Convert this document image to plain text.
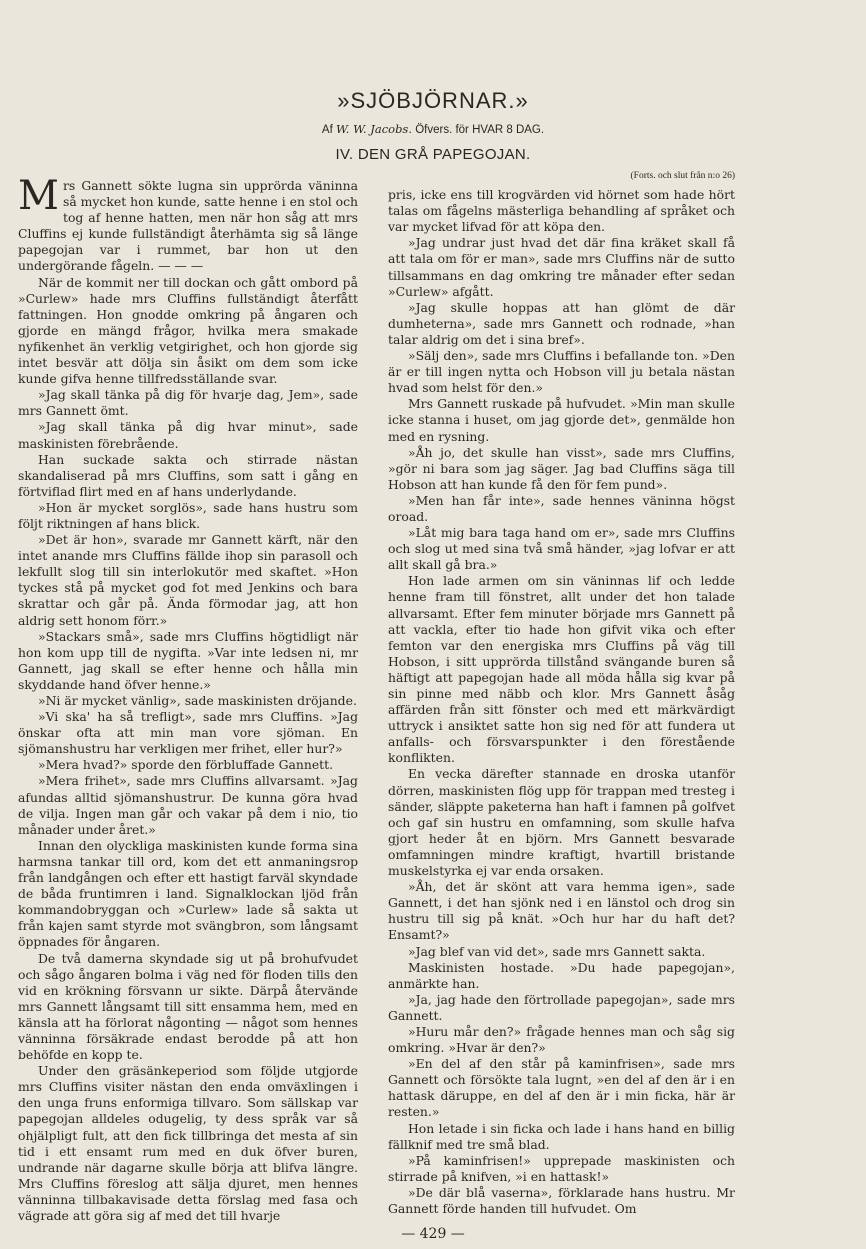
»SJÖBJÖRNAR.»
Af W. W. Jacobs. Öfvers. för HVAR 8 DAG.
IV. DEN GRÅ PAPEGOJAN.

Mrs Gannett sökte lugna sin upprörda väninna så mycket hon kunde, satte henne i en stol och tog af henne hatten, men när hon såg att mrs Cluffins ej kunde fullständigt återhämta sig så länge papegojan var i rummet, bar hon ut den undergörande fågeln. — — —

När de kommit ner till dockan och gått ombord på »Curlew» hade mrs Cluffins fullständigt återfått fattningen. Hon gnodde omkring på ångaren och gjorde en mängd frågor, hvilka mera smakade nyfikenhet än verklig vetgirighet, och hon gjorde sig intet besvär att dölja sin åsikt om dem som icke kunde gifva henne tillfredsställande svar.

»Jag skall tänka på dig för hvarje dag, Jem», sade mrs Gannett ömt.

»Jag skall tänka på dig hvar minut», sade maskinisten förebrående.

Han suckade sakta och stirrade nästan skandaliserad på mrs Cluffins, som satt i gång en förtviflad flirt med en af hans underlydande.

»Hon är mycket sorglös», sade hans hustru som följt riktningen af hans blick.

»Det är hon», svarade mr Gannett kärft, när den intet anande mrs Cluffins fällde ihop sin parasoll och lekfullt slog till sin interlokutör med skaftet. »Hon tyckes stå på mycket god fot med Jenkins och bara skrattar och går på. Ända förmodar jag, att hon aldrig sett honom förr.»

»Stackars små», sade mrs Cluffins högtidligt när hon kom upp till de nygifta. »Var inte ledsen ni, mr Gannett, jag skall se efter henne och hålla min skyddande hand öfver henne.»

»Ni är mycket vänlig», sade maskinisten dröjande.

»Vi ska' ha så trefligt», sade mrs Cluffins. »Jag önskar ofta att min man vore sjöman. En sjömanshustru har verkligen mer frihet, eller hur?»

»Mera hvad?» sporde den förbluffade Gannett.

»Mera frihet», sade mrs Cluffins allvarsamt. »Jag afundas alltid sjömanshustrur. De kunna göra hvad de vilja. Ingen man går och vakar på dem i nio, tio månader under året.»

Innan den olyckliga maskinisten kunde forma sina harmsna tankar till ord, kom det ett anmaningsrop från landgången och efter ett hastigt farväl skyndade de båda fruntimren i land. Signalklockan ljöd från kommandobryggan och »Curlew» lade så sakta ut från kajen samt styrde mot svängbron, som långsamt öppnades för ångaren.

De två damerna skyndade sig ut på brohufvudet och sågo ångaren bolma i väg ned för floden tills den vid en krökning försvann ur sikte. Därpå återvände mrs Gannett långsamt till sitt ensamma hem, med en känsla att ha förlorat någonting — något som hennes vänninna försäkrade endast berodde på att hon behöfde en kopp te.

Under den gräsänkeperiod som följde utgjorde mrs Cluffins visiter nästan den enda omväxlingen i den unga fruns enformiga tillvaro. Som sällskap var papegojan alldeles odugelig, ty dess språk var så ohjälpligt fult, att den fick tillbringa det mesta af sin tid i ett ensamt rum med en duk öfver buren, undrande när dagarne skulle börja att blifva längre. Mrs Cluffins föreslog att sälja djuret, men hennes vänninna tillbakavisade detta förslag med fasa och vägrade att göra sig af med det till hvarje

(Forts. och slut från n:o 26)

pris, icke ens till krogvärden vid hörnet som hade hört talas om fågelns mästerliga behandling af språket och var mycket lifvad för att köpa den.

»Jag undrar just hvad det där fina kräket skall få att tala om för er man», sade mrs Cluffins när de sutto tillsammans en dag omkring tre månader efter sedan »Curlew» afgått.

»Jag skulle hoppas att han glömt de där dumheterna», sade mrs Gannett och rodnade, »han talar aldrig om det i sina bref».

»Sälj den», sade mrs Cluffins i befallande ton. »Den är er till ingen nytta och Hobson vill ju betala nästan hvad som helst för den.»

Mrs Gannett ruskade på hufvudet. »Min man skulle icke stanna i huset, om jag gjorde det», genmälde hon med en rysning.

»Åh jo, det skulle han visst», sade mrs Cluffins, »gör ni bara som jag säger. Jag bad Cluffins säga till Hobson att han kunde få den för fem pund».

»Men han får inte», sade hennes väninna högst oroad.

»Låt mig bara taga hand om er», sade mrs Cluffins och slog ut med sina två små händer, »jag lofvar er att allt skall gå bra.»

Hon lade armen om sin väninnas lif och ledde henne fram till fönstret, allt under det hon talade allvarsamt. Efter fem minuter började mrs Gannett på att vackla, efter tio hade hon gifvit vika och efter femton var den energiska mrs Cluffins på väg till Hobson, i sitt upprörda tillstånd svängande buren så häftigt att papegojan hade all möda hålla sig kvar på sin pinne med näbb och klor. Mrs Gannett åsåg affärden från sitt fönster och med ett märkvärdigt uttryck i ansiktet satte hon sig ned för att fundera ut anfalls- och försvarspunkter i den förestående konflikten.

En vecka därefter stannade en droska utanför dörren, maskinisten flög upp för trappan med tresteg i sänder, släppte paketerna han haft i famnen på golfvet och gaf sin hustru en omfamning, som skulle hafva gjort heder åt en björn. Mrs Gannett besvarade omfamningen mindre kraftigt, hvartill bristande muskelstyrka ej var enda orsaken.

»Åh, det är skönt att vara hemma igen», sade Gannett, i det han sjönk ned i en länstol och drog sin hustru till sig på knät. »Och hur har du haft det? Ensamt?»

»Jag blef van vid det», sade mrs Gannett sakta.

Maskinisten hostade. »Du hade papegojan», anmärkte han.

»Ja, jag hade den förtrollade papegojan», sade mrs Gannett.

»Huru mår den?» frågade hennes man och såg sig omkring. »Hvar är den?»

»En del af den står på kaminfrisen», sade mrs Gannett och försökte tala lugnt, »en del af den är i en hattask däruppe, en del af den är i min ficka, här är resten.»

Hon letade i sin ficka och lade i hans hand en billig fällknif med tre små blad.

»På kaminfrisen!» upprepade maskinisten och stirrade på knifven, »i en hattask!»

»De där blå vaserna», förklarade hans hustru. Mr Gannett förde handen till hufvudet. Om

— 429 —
